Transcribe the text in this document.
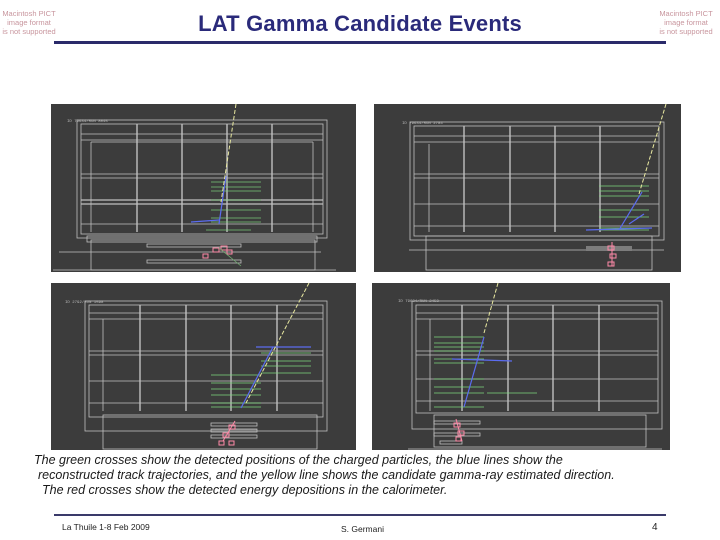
Macintosh PICT
image format
is not supported
Macintosh PICT
image format
is not supported
LAT Gamma Candidate Events
ID 79634/RUN 8045	ID 79634/RUN 2784
ID 2792/RUN 1598	ID 79634/RUN 2453
The green crosses show the detected positions of the charged particles, the blue lines show the
reconstructed track trajectories, and the yellow line shows the candidate gamma-ray estimated direction.
The red crosses show the detected energy depositions in the calorimeter.
La Thuile 1-8 Feb 2009	S. Germani	4
